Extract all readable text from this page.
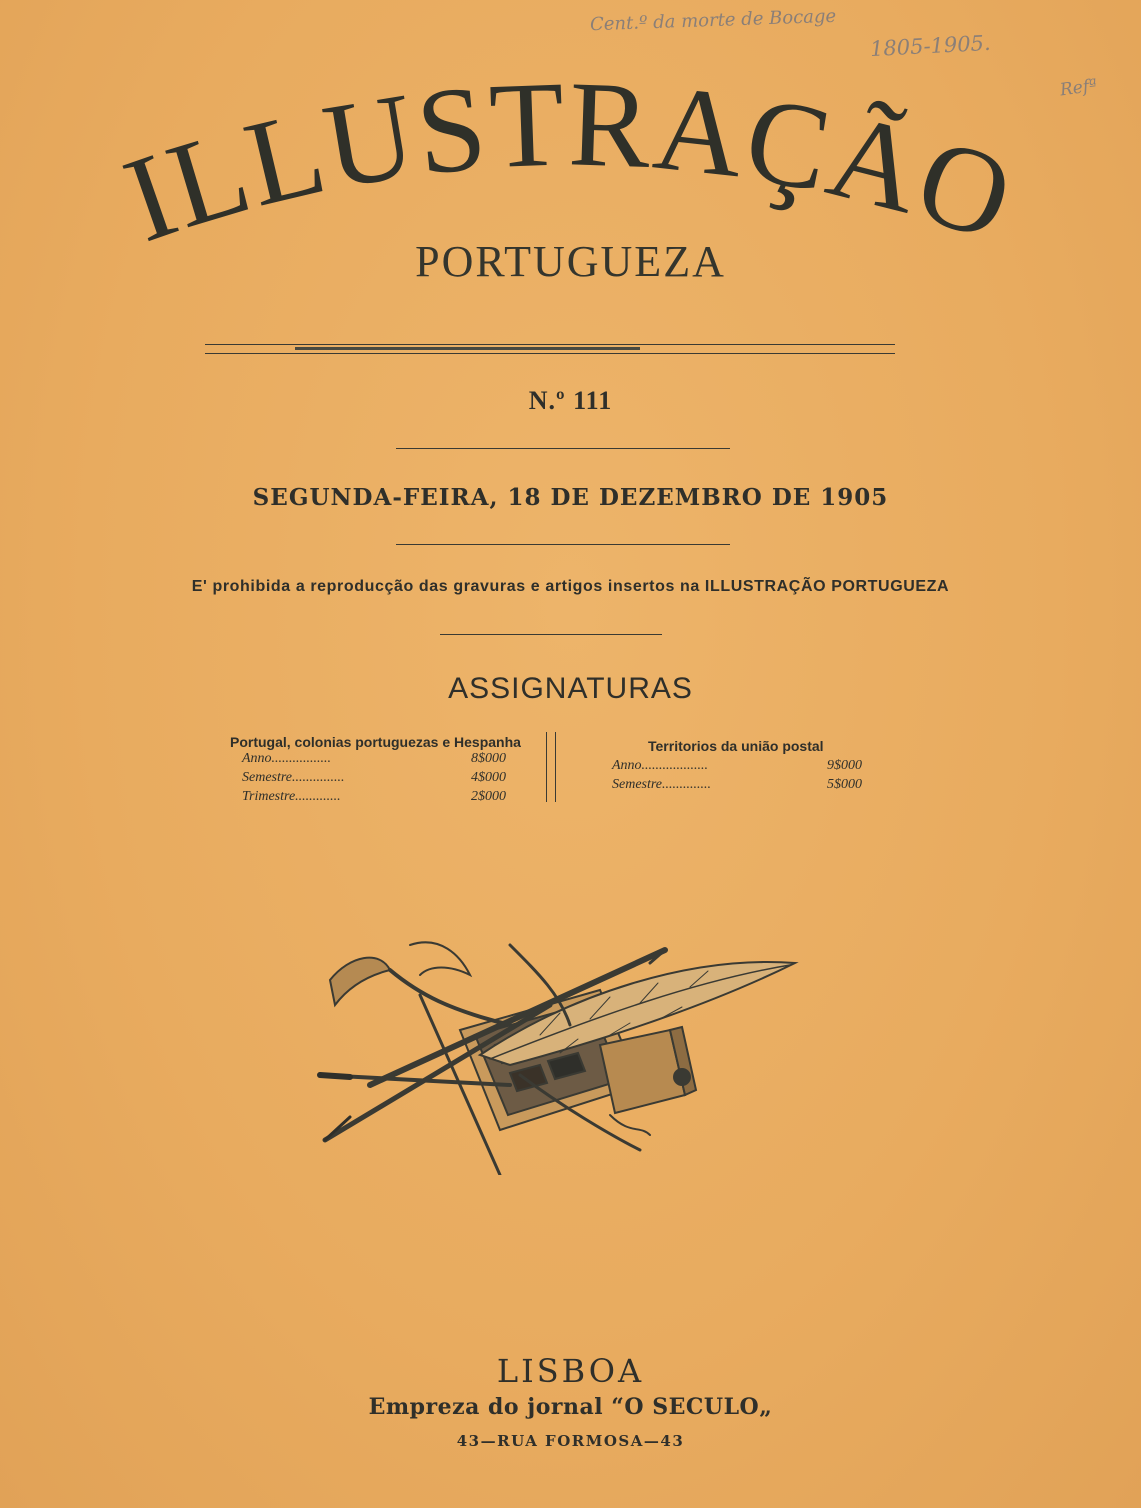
Cent.º da morte de Bocage
1805-1905.
Refª
ILLUSTRAÇÃO
PORTUGUEZA
N.º 111
SEGUNDA-FEIRA, 18 DE DEZEMBRO DE 1905
E' prohibida a reproducção das gravuras e artigos insertos na ILLUSTRAÇÃO PORTUGUEZA
ASSIGNATURAS
Portugal, colonias portuguezas e Hespanha
Anno.................	8$000
Semestre...............	4$000
Trimestre.............	2$000
Territorios da união postal
Anno...................	9$000
Semestre..............	5$000
LISBOA
Empreza do jornal “O SECULO„
43—RUA FORMOSA—43
